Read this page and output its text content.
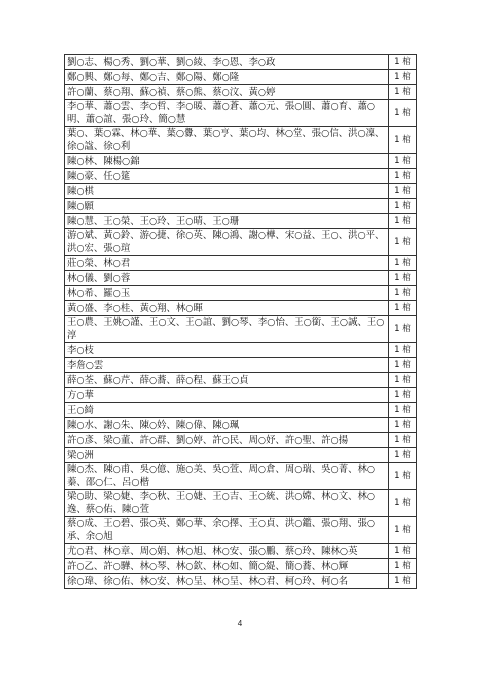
劉○志、楊○秀、劉○華、劉○綾、李○恩、李○政	1 棺
鄭○興、鄭○每、鄭○吉、鄭○陽、鄭○隆	1 棺
許○蘭、蔡○翔、蘇○禎、蔡○熊、蔡○汶、黃○婷	1 棺
李○華、蕭○雲、李○哲、李○暖、蕭○蒼、蕭○元、張○圓、蕭○育、蕭○明、蕭○誼、張○玲、簡○慧	1 棺
葉○、葉○霖、林○華、葉○釁、葉○亨、葉○均、林○堂、張○信、洪○凜、徐○諡、徐○利	1 棺
陳○林、陳楊○錦	1 棺
陳○豪、任○筵	1 棺
陳○棋	1 棺
陳○願	1 棺
陳○慧、王○榮、王○玲、王○晴、王○珊	1 棺
游○斌、黃○鈴、游○捷、徐○英、陳○鴻、謝○樺、宋○益、王○、洪○平、洪○宏、張○瑄	1 棺
莊○榮、林○君	1 棺
林○儀、劉○蓉	1 棺
林○希、羅○玉	1 棺
黃○盛、李○桂、黃○翔、林○暉	1 棺
王○農、王姚○謹、王○文、王○誼、劉○琴、李○怡、王○銜、王○誠、王○淳	1 棺
李○枝	1 棺
李詹○雲	1 棺
薛○荃、蘇○芹、薛○蕎、薛○程、蘇王○貞	1 棺
方○華	1 棺
王○綺	1 棺
陳○水、謝○朱、陳○妗、陳○偉、陳○珮	1 棺
許○彥、梁○董、許○群、劉○婷、許○民、周○妤、許○聖、許○揚	1 棺
梁○洲	1 棺
陳○杰、陳○甫、吳○億、施○美、吳○萱、周○倉、周○瑞、吳○菁、林○蓁、邵○仁、呂○楷	1 棺
梁○助、梁○婕、李○秋、王○婕、王○吉、王○統、洪○嫦、林○文、林○逸、蔡○佑、陳○萱	1 棺
蔡○成、王○碧、張○英、鄭○華、余○擇、王○貞、洪○鑑、張○翔、張○承、余○旭	1 棺
尤○君、林○章、周○娟、林○旭、林○安、張○鵬、蔡○玲、陳林○英	1 棺
許○乙、許○驊、林○琴、林○欽、林○如、簡○緹、簡○蕎、林○輝	1 棺
徐○瑋、徐○佑、林○安、林○呈、林○呈、林○君、柯○玲、柯○名	1 棺
4
